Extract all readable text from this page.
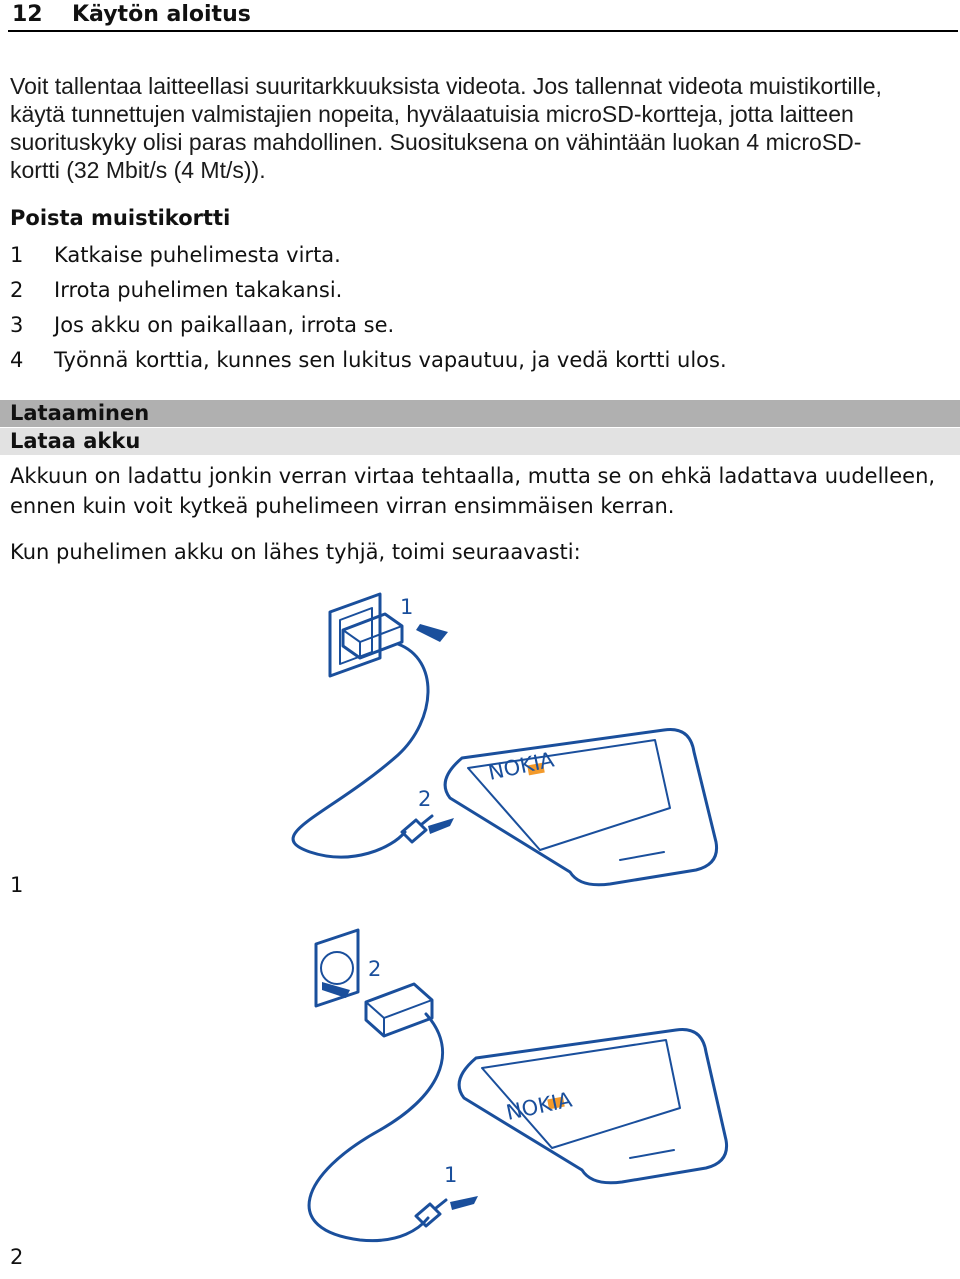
12 Käytön aloitus

Voit tallentaa laitteellasi suuritarkkuuksista videota. Jos tallennat videota muistikortille, käytä tunnettujen valmistajien nopeita, hyvälaatuisia microSD-kortteja, jotta laitteen suorituskyky olisi paras mahdollinen. Suosituksena on vähintään luokan 4 microSD-kortti (32 Mbit/s (4 Mt/s)).

Poista muistikortti
1 Katkaise puhelimesta virta.
2 Irrota puhelimen takakansi.
3 Jos akku on paikallaan, irrota se.
4 Työnnä korttia, kunnes sen lukitus vapautuu, ja vedä kortti ulos.
Lataaminen
Lataa akku

Akkuun on ladattu jonkin verran virtaa tehtaalla, mutta se on ehkä ladattava uudelleen, ennen kuin voit kytkeä puhelimeen virran ensimmäisen kerran.

Kun puhelimen akku on lähes tyhjä, toimi seuraavasti:

NOKIA
1
2
1
NOKIA
2
1
2
